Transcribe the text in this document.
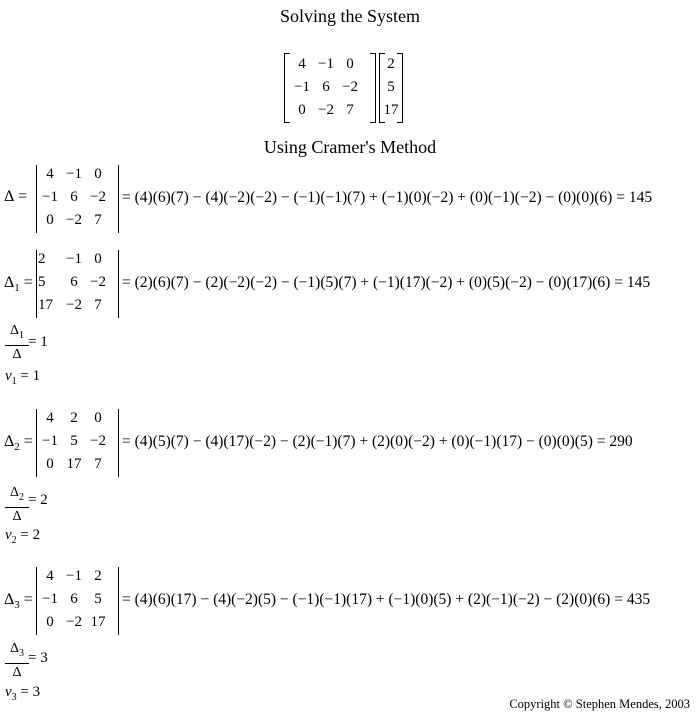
Solving the System
4 −1 0
−1 6 −2
0 −2 7
2
5
17
Using Cramer's Method
Δ =
4 −1 0
−1 6 −2
0 −2 7
= (4)(6)(7) − (4)(−2)(−2) − (−1)(−1)(7) + (−1)(0)(−2) + (0)(−1)(−2) − (0)(0)(6) = 145
$\Delta_1$ =
2	−1 0
5	6 −2
17 −2 7
= (2)(6)(7) − (2)(−2)(−2) − (−1)(5)(7) + (−1)(17)(−2) + (0)(5)(−2) − (0)(17)(6) = 145
$\Delta_1$
Δ
= 1
$v_1 = 1$
$\Delta_2$ =
4	2	0
−1 5 −2
0 17 7
= (4)(5)(7) − (4)(17)(−2) − (2)(−1)(7) + (2)(0)(−2) + (0)(−1)(17) − (0)(0)(5) = 290
$\Delta_2$
Δ
= 2
$v_2 = 2$
$\Delta_3$ =
4 −1 2
−1 6	5
0 −2 17
= (4)(6)(17) − (4)(−2)(5) − (−1)(−1)(17) + (−1)(0)(5) + (2)(−1)(−2) − (2)(0)(6) = 435
$\Delta_3$
Δ
= 3
$v_3 = 3$
Copyright © Stephen Mendes, 2003
